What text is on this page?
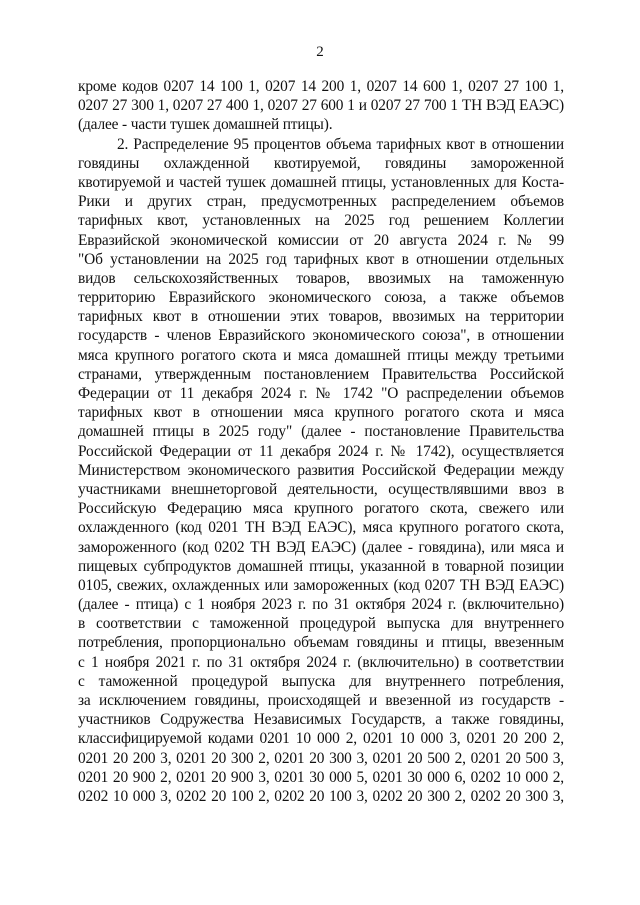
2
кроме кодов 0207 14 100 1, 0207 14 200 1, 0207 14 600 1, 0207 27 100 1,
0207 27 300 1, 0207 27 400 1, 0207 27 600 1 и 0207 27 700 1 ТН ВЭД ЕАЭС)
(далее - части тушек домашней птицы).
2. Распределение 95 процентов объема тарифных квот в отношении
говядины охлажденной квотируемой, говядины замороженной
квотируемой и частей тушек домашней птицы, установленных для Коста-
Рики и других стран, предусмотренных распределением объемов
тарифных квот, установленных на 2025 год решением Коллегии
Евразийской экономической комиссии от 20 августа 2024 г. № 99
"Об установлении на 2025 год тарифных квот в отношении отдельных
видов сельскохозяйственных товаров, ввозимых на таможенную
территорию Евразийского экономического союза, а также объемов
тарифных квот в отношении этих товаров, ввозимых на территории
государств - членов Евразийского экономического союза", в отношении
мяса крупного рогатого скота и мяса домашней птицы между третьими
странами, утвержденным постановлением Правительства Российской
Федерации от 11 декабря 2024 г. № 1742 "О распределении объемов
тарифных квот в отношении мяса крупного рогатого скота и мяса
домашней птицы в 2025 году" (далее - постановление Правительства
Российской Федерации от 11 декабря 2024 г. № 1742), осуществляется
Министерством экономического развития Российской Федерации между
участниками внешнеторговой деятельности, осуществлявшими ввоз в
Российскую Федерацию мяса крупного рогатого скота, свежего или
охлажденного (код 0201 ТН ВЭД ЕАЭС), мяса крупного рогатого скота,
замороженного (код 0202 ТН ВЭД ЕАЭС) (далее - говядина), или мяса и
пищевых субпродуктов домашней птицы, указанной в товарной позиции
0105, свежих, охлажденных или замороженных (код 0207 ТН ВЭД ЕАЭС)
(далее - птица) с 1 ноября 2023 г. по 31 октября 2024 г. (включительно)
в соответствии с таможенной процедурой выпуска для внутреннего
потребления, пропорционально объемам говядины и птицы, ввезенным
с 1 ноября 2021 г. по 31 октября 2024 г. (включительно) в соответствии
с таможенной процедурой выпуска для внутреннего потребления,
за исключением говядины, происходящей и ввезенной из государств -
участников Содружества Независимых Государств, а также говядины,
классифицируемой кодами 0201 10 000 2, 0201 10 000 3, 0201 20 200 2,
0201 20 200 3, 0201 20 300 2, 0201 20 300 3, 0201 20 500 2, 0201 20 500 3,
0201 20 900 2, 0201 20 900 3, 0201 30 000 5, 0201 30 000 6, 0202 10 000 2,
0202 10 000 3, 0202 20 100 2, 0202 20 100 3, 0202 20 300 2, 0202 20 300 3,
